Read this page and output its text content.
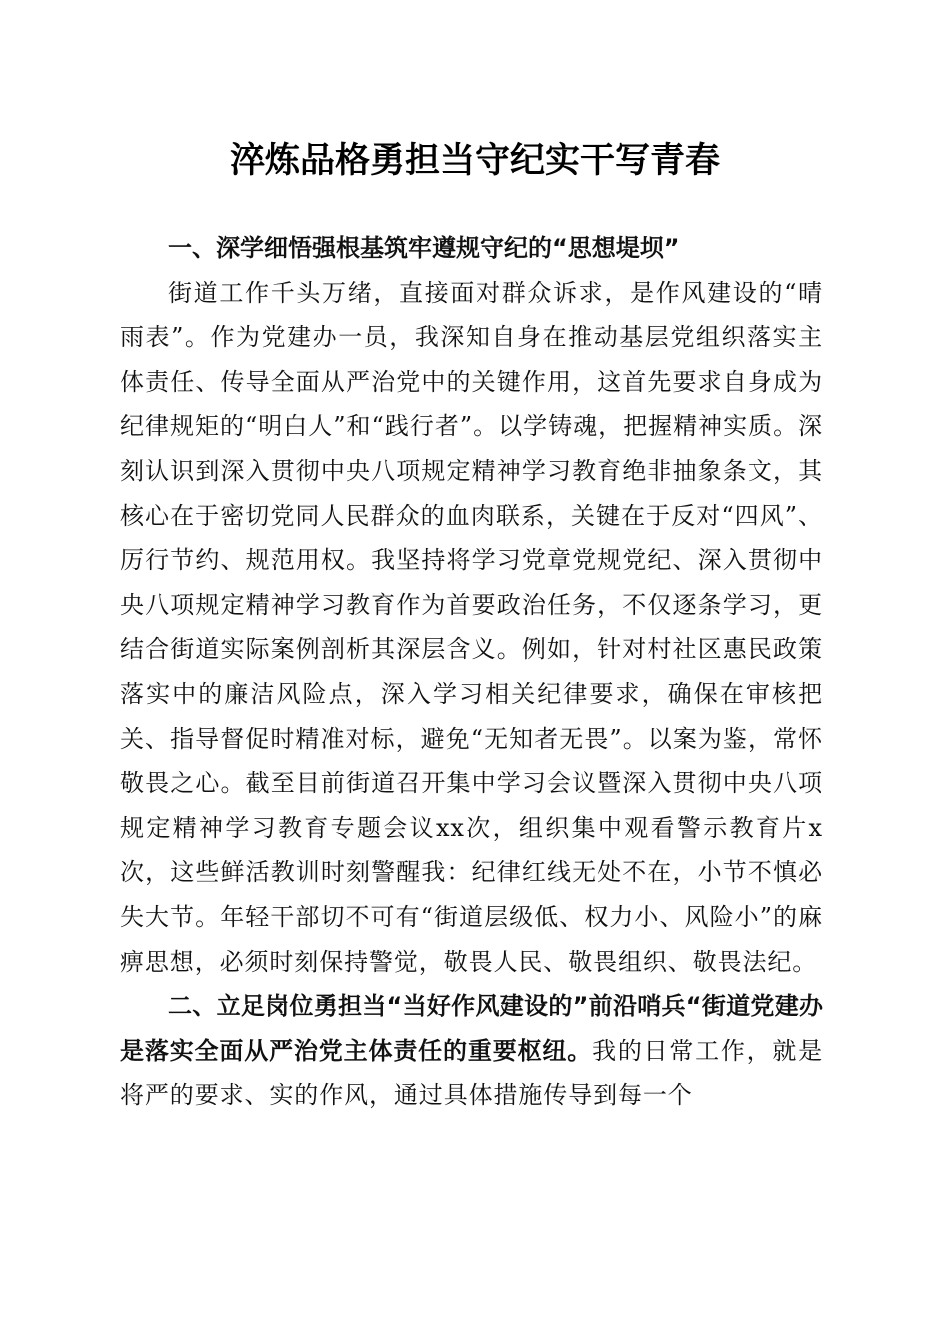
淬炼品格勇担当守纪实干写青春

一、深学细悟强根基筑牢遵规守纪的“思想堤坝”

街道工作千头万绪，直接面对群众诉求，是作风建设的“晴雨表”。作为党建办一员，我深知自身在推动基层党组织落实主体责任、传导全面从严治党中的关键作用，这首先要求自身成为纪律规矩的“明白人”和“践行者”。以学铸魂，把握精神实质。深刻认识到深入贯彻中央八项规定精神学习教育绝非抽象条文，其核心在于密切党同人民群众的血肉联系，关键在于反对“四风”、厉行节约、规范用权。我坚持将学习党章党规党纪、深入贯彻中央八项规定精神学习教育作为首要政治任务，不仅逐条学习，更结合街道实际案例剖析其深层含义。例如，针对村社区惠民政策落实中的廉洁风险点，深入学习相关纪律要求，确保在审核把关、指导督促时精准对标，避免“无知者无畏”。以案为鉴，常怀敬畏之心。截至目前街道召开集中学习会议暨深入贯彻中央八项规定精神学习教育专题会议xx次，组织集中观看警示教育片x次，这些鲜活教训时刻警醒我：纪律红线无处不在，小节不慎必失大节。年轻干部切不可有“街道层级低、权力小、风险小”的麻痹思想，必须时刻保持警觉，敬畏人民、敬畏组织、敬畏法纪。

二、立足岗位勇担当“当好作风建设的”前沿哨兵“街道党建办是落实全面从严治党主体责任的重要枢纽。我的日常工作，就是将严的要求、实的作风，通过具体措施传导到每一个
